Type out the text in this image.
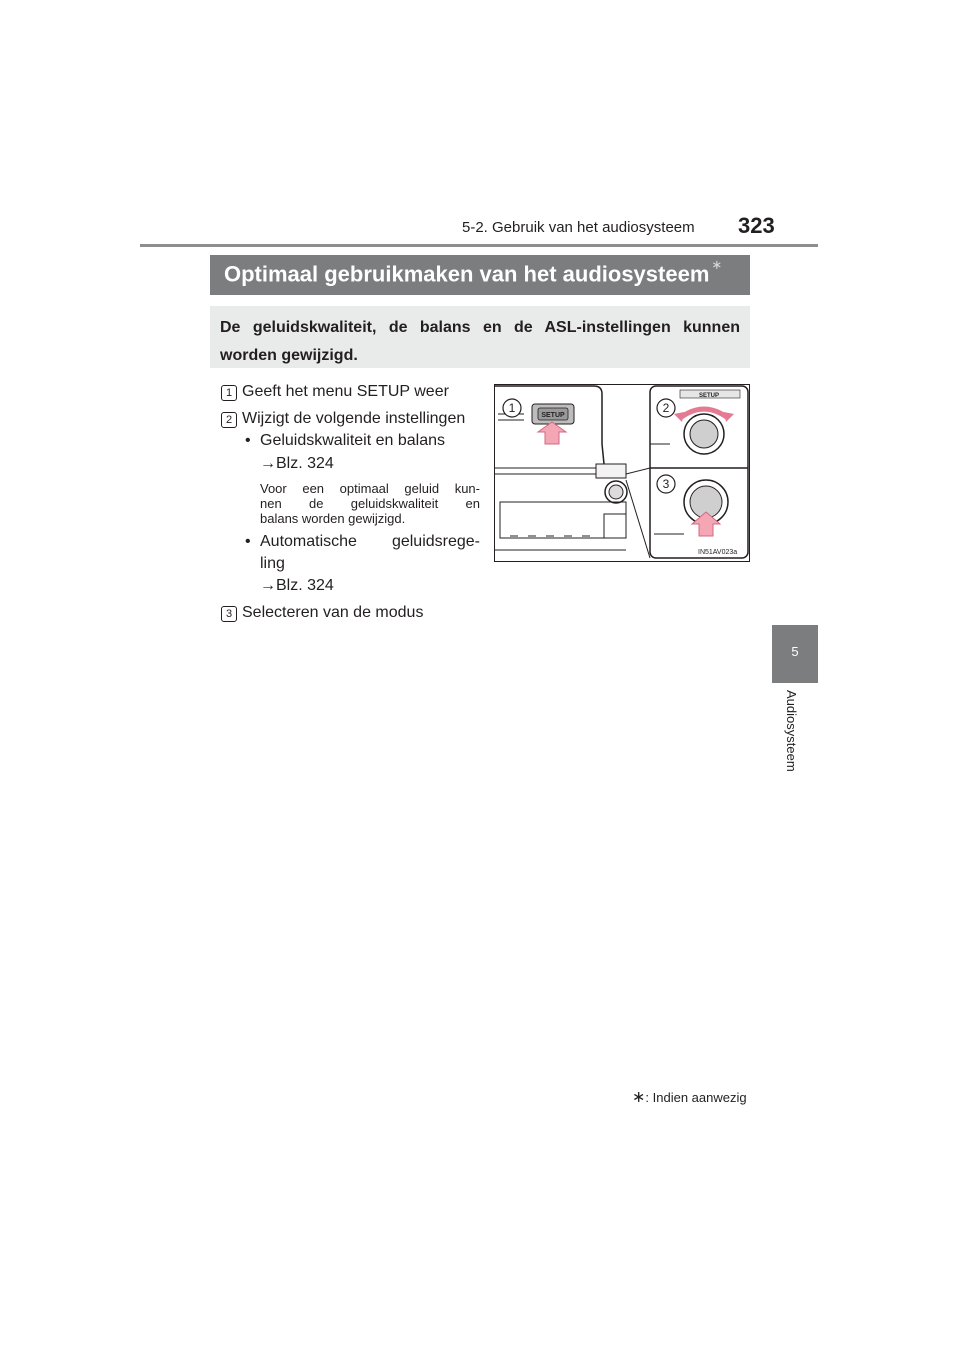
5-2. Gebruik van het audiosysteem 323
5
Audiosysteem
Optimaal gebruikmaken van het audiosysteem ∗

De geluidskwaliteit, de balans en de ASL-instellingen kunnen worden gewijzigd.

1 Geeft het menu SETUP weer
2 Wijzigt de volgende instellingen
• Geluidskwaliteit en balans
→Blz. 324
Voor een optimaal geluid kun-
nen de geluidskwaliteit en
balans worden gewijzigd.
• Automatische geluidsrege-
ling
→Blz. 324
3 Selecteren van de modus
SETUP
SETUP
1	2
3
IN51AV023a
∗: Indien aanwezig
